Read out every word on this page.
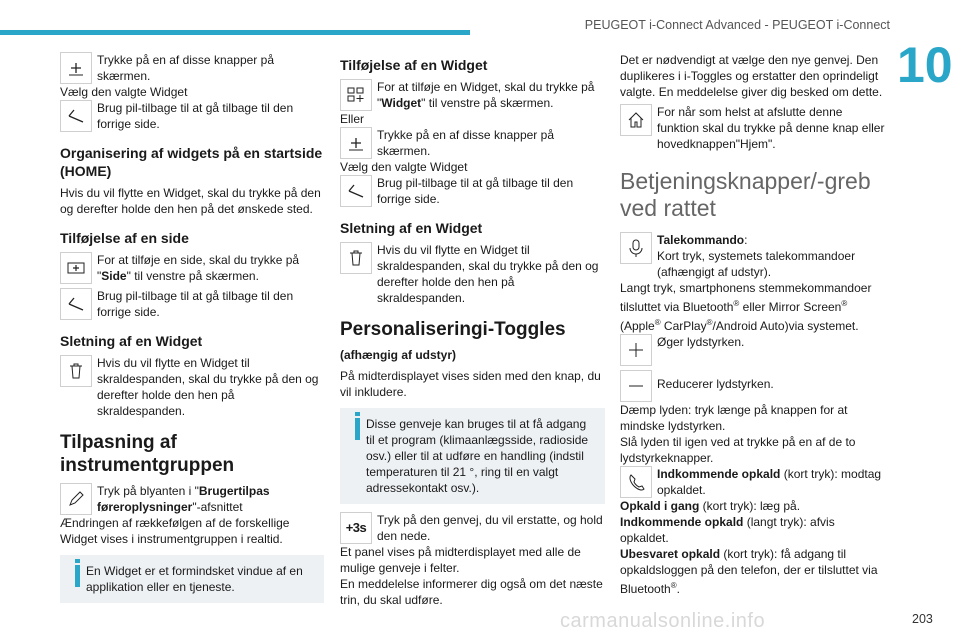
PEUGEOT i-Connect Advanced - PEUGEOT i-Connect
10

Trykke på en af disse knapper på skærmen.

Vælg den valgte Widget

Brug pil-tilbage til at gå tilbage til den forrige side.

Organisering af widgets på en startside (HOME)

Hvis du vil flytte en Widget, skal du trykke på den og derefter holde den hen på det ønskede sted.

Tilføjelse af en side

For at tilføje en side, skal du trykke på "Side" til venstre på skærmen.

Brug pil-tilbage til at gå tilbage til den forrige side.

Sletning af en Widget

Hvis du vil flytte en Widget til skraldespanden, skal du trykke på den og derefter holde den hen på skraldespanden.

Tilpasning af instrumentgruppen

Tryk på blyanten i "Brugertilpas føreroplysninger"-afsnittet

Ændringen af rækkefølgen af de forskellige Widget vises i instrumentgruppen i realtid.

En Widget er et formindsket vindue af en applikation eller en tjeneste.

Tilføjelse af en Widget

For at tilføje en Widget, skal du trykke på "Widget" til venstre på skærmen.

Eller

Trykke på en af disse knapper på skærmen.

Vælg den valgte Widget

Brug pil-tilbage til at gå tilbage til den forrige side.

Sletning af en Widget

Hvis du vil flytte en Widget til skraldespanden, skal du trykke på den og derefter holde den hen på skraldespanden.

Personaliseringi-Toggles

(afhængig af udstyr)

På midterdisplayet vises siden med den knap, du vil inkludere.

Disse genveje kan bruges til at få adgang til et program (klimaanlægsside, radioside osv.) eller til at udføre en handling (indstil temperaturen til 21 °, ring til en valgt adressekontakt osv.).

+3s Tryk på den genvej, du vil erstatte, og hold den nede.

Et panel vises på midterdisplayet med alle de mulige genveje i felter.

En meddelelse informerer dig også om det næste trin, du skal udføre.

Det er nødvendigt at vælge den nye genvej. Den duplikeres i i-Toggles og erstatter den oprindeligt valgte. En meddelelse giver dig besked om dette.

For når som helst at afslutte denne funktion skal du trykke på denne knap eller hovedknappen"Hjem".

Betjeningsknapper/-greb ved rattet

Talekommando:
Kort tryk, systemets talekommandoer (afhængigt af udstyr).

Langt tryk, smartphonens stemmekommandoer tilsluttet via Bluetooth® eller Mirror Screen®
(Apple® CarPlay®/Android Auto)via systemet.

Øger lydstyrken.

Reducerer lydstyrken.

Dæmp lyden: tryk længe på knappen for at mindske lydstyrken.

Slå lyden til igen ved at trykke på en af de to lydstyrkeknapper.

Indkommende opkald (kort tryk): modtag opkaldet.

Opkald i gang (kort tryk): læg på.

Indkommende opkald (langt tryk): afvis opkaldet.

Ubesvaret opkald (kort tryk): få adgang til opkaldsloggen på den telefon, der er tilsluttet via Bluetooth®.

carmanualsonline.info	203
